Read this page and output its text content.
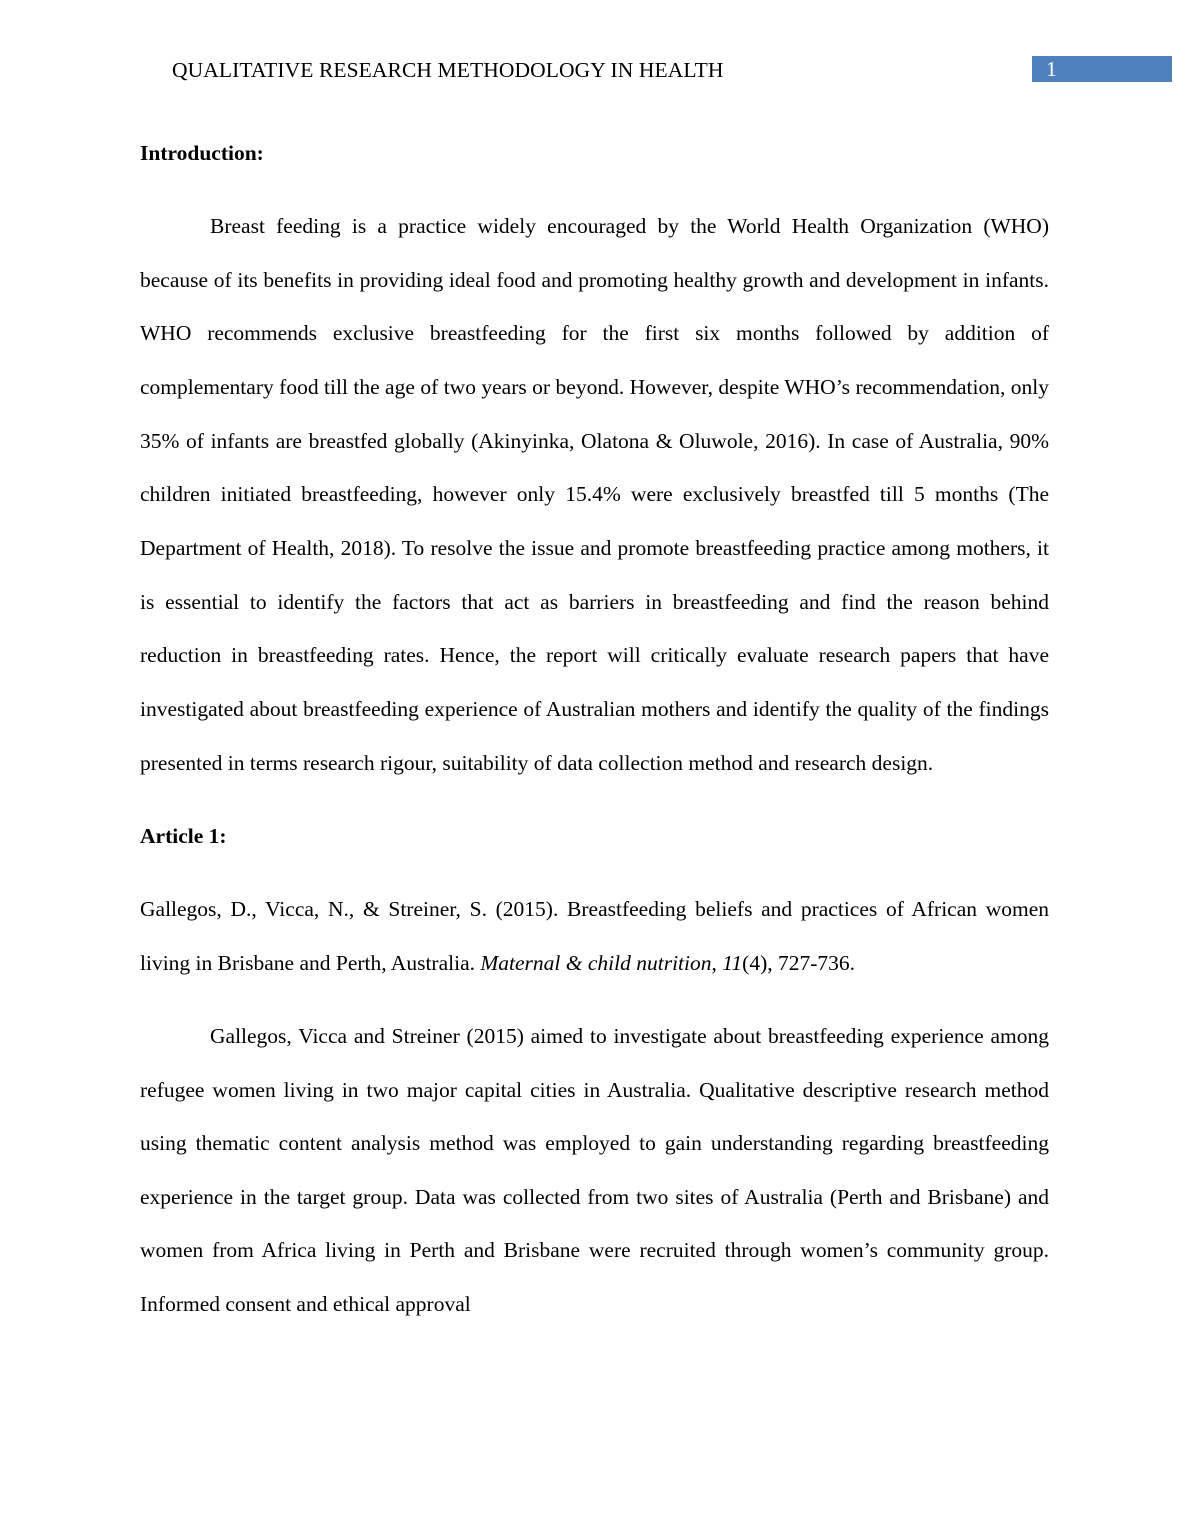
QUALITATIVE RESEARCH METHODOLOGY IN HEALTH	1
Introduction:

Breast feeding is a practice widely encouraged by the World Health Organization (WHO) because of its benefits in providing ideal food and promoting healthy growth and development in infants. WHO recommends exclusive breastfeeding for the first six months followed by addition of complementary food till the age of two years or beyond. However, despite WHO’s recommendation, only 35% of infants are breastfed globally (Akinyinka, Olatona & Oluwole, 2016). In case of Australia, 90% children initiated breastfeeding, however only 15.4% were exclusively breastfed till 5 months (The Department of Health, 2018). To resolve the issue and promote breastfeeding practice among mothers, it is essential to identify the factors that act as barriers in breastfeeding and find the reason behind reduction in breastfeeding rates. Hence, the report will critically evaluate research papers that have investigated about breastfeeding experience of Australian mothers and identify the quality of the findings presented in terms research rigour, suitability of data collection method and research design.

Article 1:

Gallegos, D., Vicca, N., & Streiner, S. (2015). Breastfeeding beliefs and practices of African women living in Brisbane and Perth, Australia. Maternal & child nutrition, 11(4), 727-736.

Gallegos, Vicca and Streiner (2015) aimed to investigate about breastfeeding experience among refugee women living in two major capital cities in Australia. Qualitative descriptive research method using thematic content analysis method was employed to gain understanding regarding breastfeeding experience in the target group. Data was collected from two sites of Australia (Perth and Brisbane) and women from Africa living in Perth and Brisbane were recruited through women’s community group. Informed consent and ethical approval
